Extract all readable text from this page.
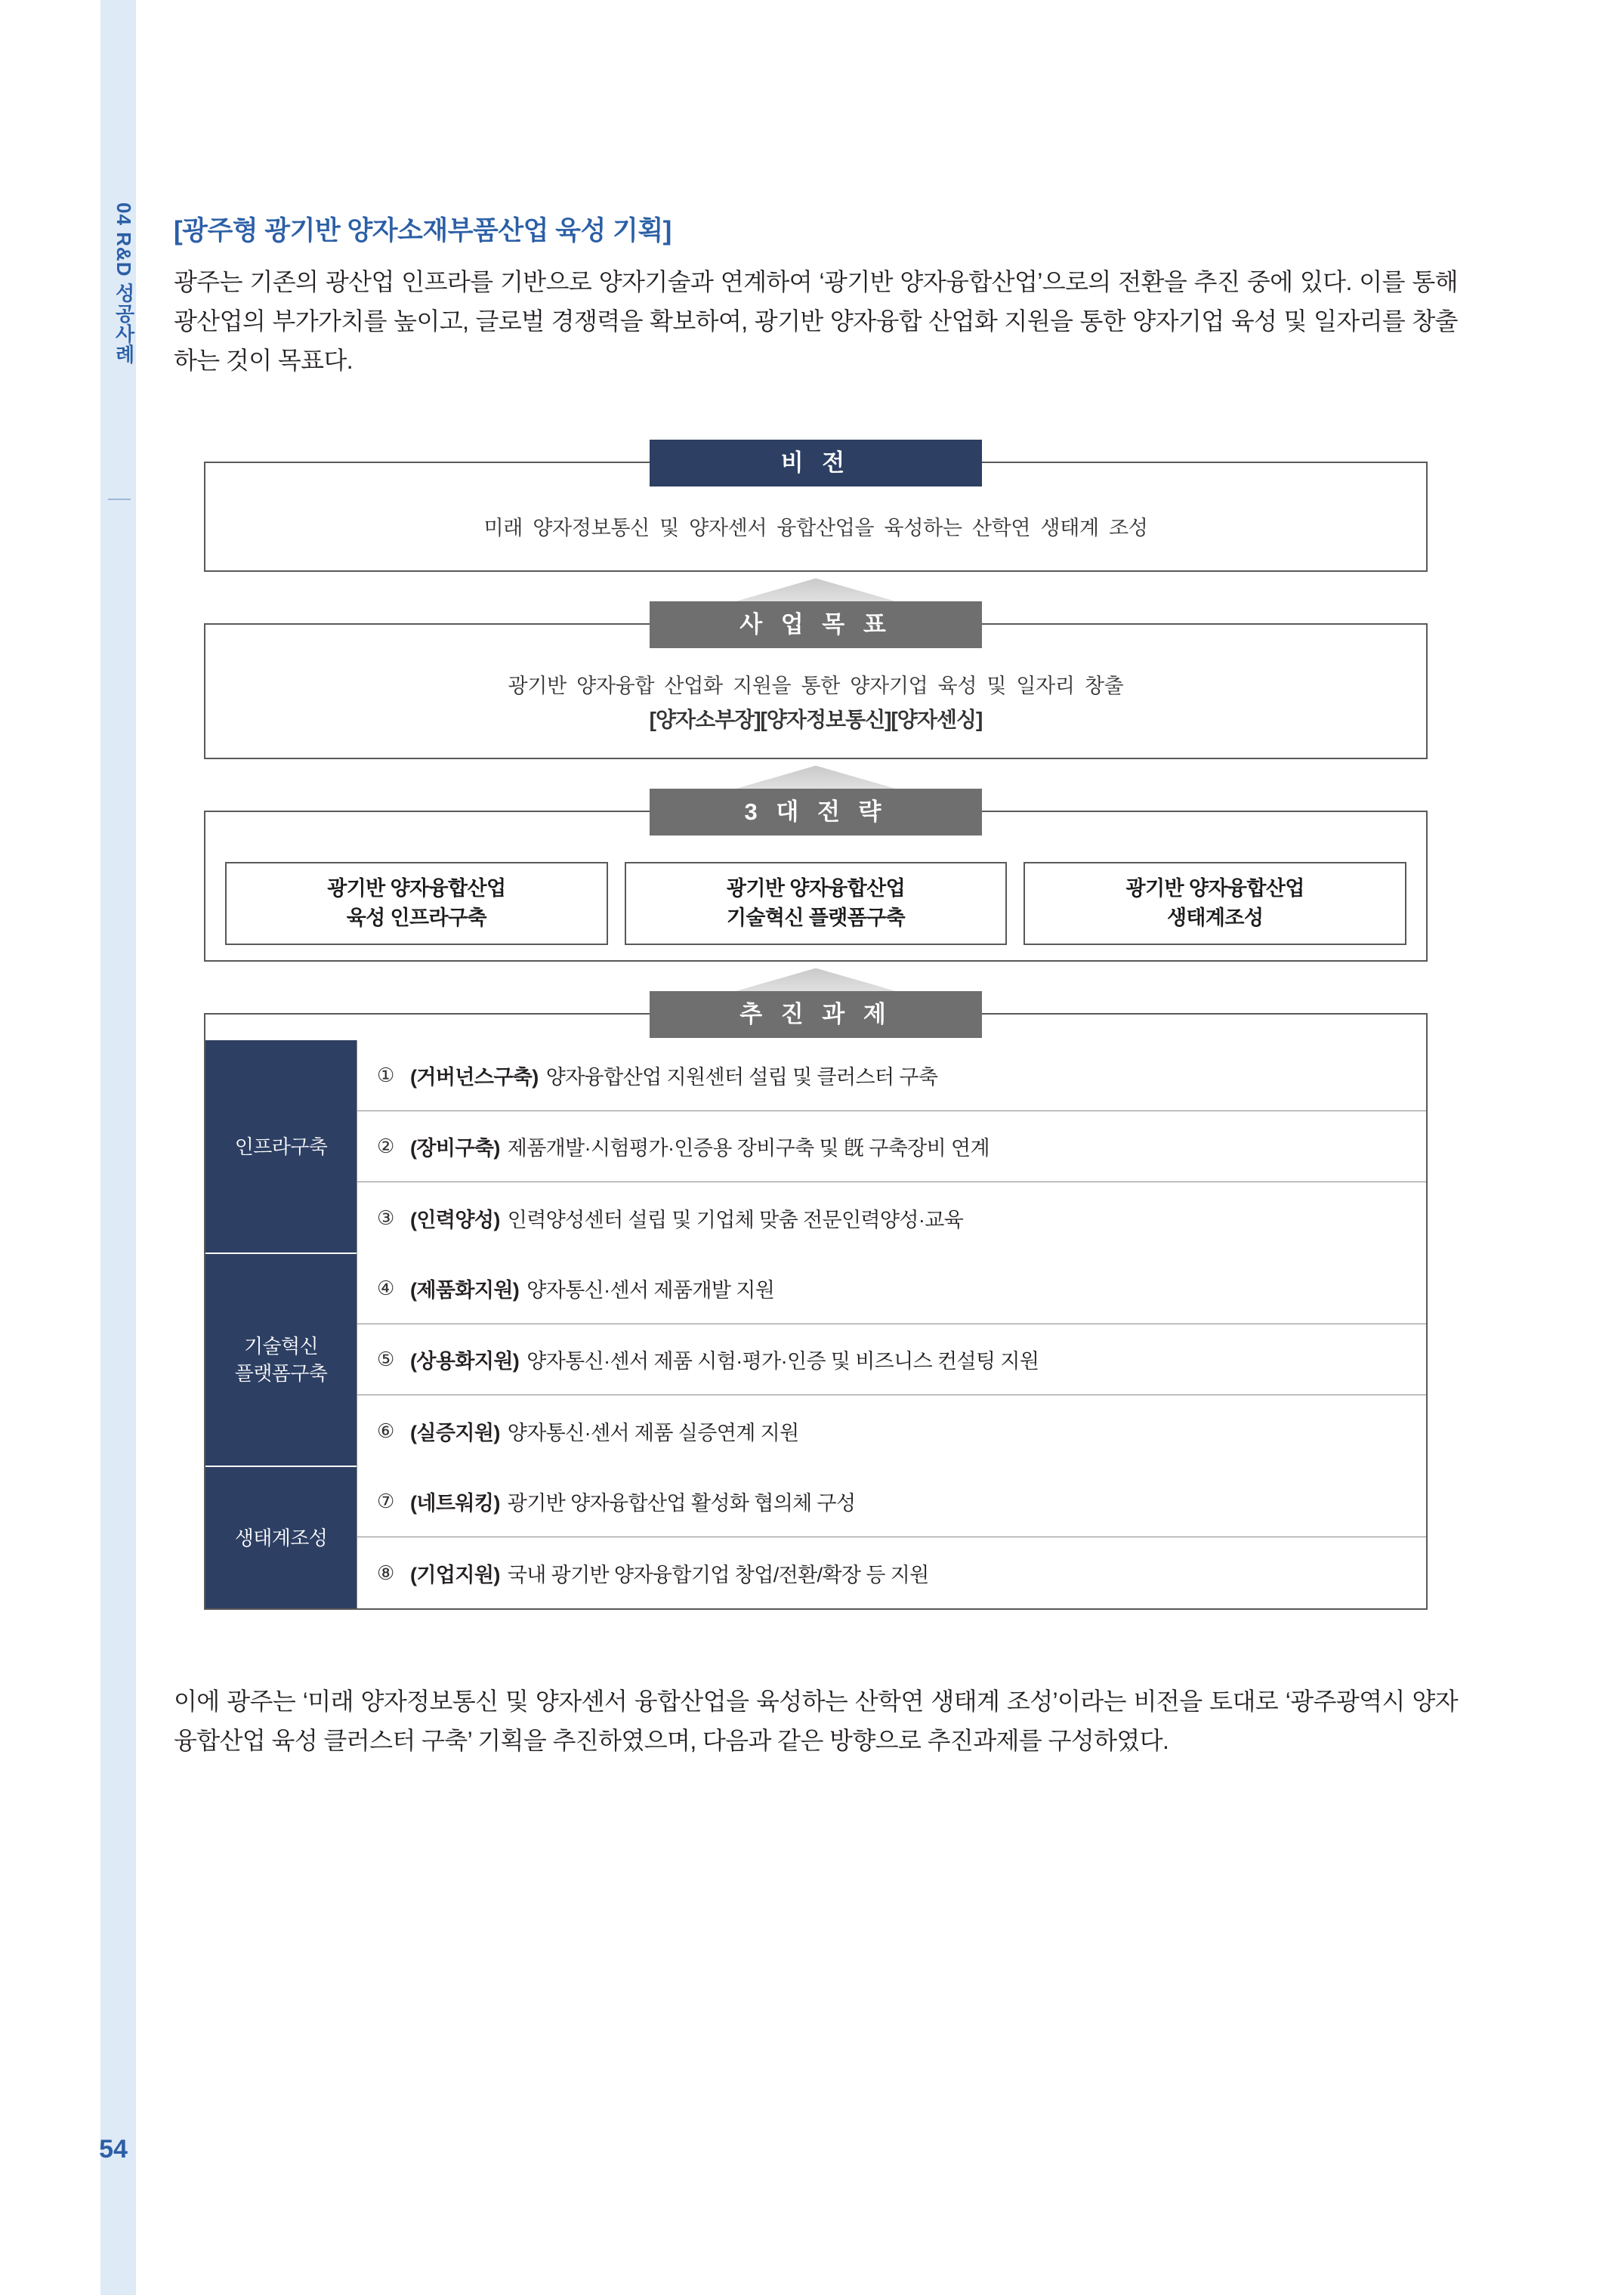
04 R&D 성공사례
54
[광주형 광기반 양자소재부품산업 육성 기획]
광주는 기존의 광산업 인프라를 기반으로 양자기술과 연계하여 ‘광기반 양자융합산업’으로의 전환을 추진 중에 있다. 이를 통해 광산업의 부가가치를 높이고, 글로벌 경쟁력을 확보하여, 광기반 양자융합 산업화 지원을 통한 양자기업 육성 및 일자리를 창출하는 것이 목표다.
비 전
미래 양자정보통신 및 양자센서 융합산업을 육성하는 산학연 생태계 조성
사 업 목 표
광기반 양자융합 산업화 지원을 통한 양자기업 육성 및 일자리 창출
[양자소부장][양자정보통신][양자센싱]
3 대 전 략
광기반 양자융합산업
육성 인프라구축
광기반 양자융합산업
기술혁신 플랫폼구축
광기반 양자융합산업
생태계조성
추 진 과 제
인프라구축	
① (거버넌스구축) 양자융합산업 지원센터 설립 및 클러스터 구축
② (장비구축) 제품개발·시험평가·인증용 장비구축 및 旣 구축장비 연계
③ (인력양성) 인력양성센터 설립 및 기업체 맞춤 전문인력양성·교육

기술혁신
플랫폼구축	
④ (제품화지원) 양자통신·센서 제품개발 지원
⑤ (상용화지원) 양자통신·센서 제품 시험·평가·인증 및 비즈니스 컨설팅 지원
⑥ (실증지원) 양자통신·센서 제품 실증연계 지원

생태계조성	
⑦ (네트워킹) 광기반 양자융합산업 활성화 협의체 구성
⑧ (기업지원) 국내 광기반 양자융합기업 창업/전환/확장 등 지원
이에 광주는 ‘미래 양자정보통신 및 양자센서 융합산업을 육성하는 산학연 생태계 조성’이라는 비전을 토대로 ‘광주광역시 양자융합산업 육성 클러스터 구축’ 기획을 추진하였으며, 다음과 같은 방향으로 추진과제를 구성하였다.
